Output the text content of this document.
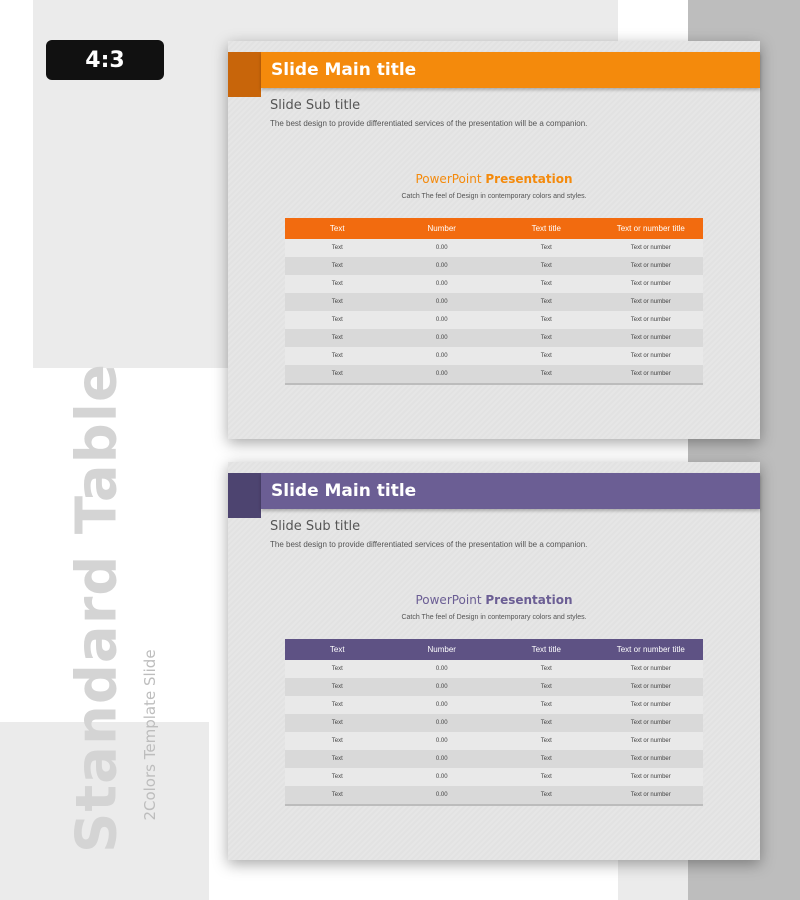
4:3
Standard Table 2Colors Template Slide
Slide Main title
Slide Sub title
The best design to provide differentiated services of the presentation will be a companion.
PowerPoint Presentation
Catch The feel of Design in contemporary colors and styles.
Text	Number	Text title	Text or number title
Text	0.00	Text	Text or number
Text	0.00	Text	Text or number
Text	0.00	Text	Text or number
Text	0.00	Text	Text or number
Text	0.00	Text	Text or number
Text	0.00	Text	Text or number
Text	0.00	Text	Text or number
Text	0.00	Text	Text or number
Slide Main title
Slide Sub title
The best design to provide differentiated services of the presentation will be a companion.
PowerPoint Presentation
Catch The feel of Design in contemporary colors and styles.
Text	Number	Text title	Text or number title
Text	0.00	Text	Text or number
Text	0.00	Text	Text or number
Text	0.00	Text	Text or number
Text	0.00	Text	Text or number
Text	0.00	Text	Text or number
Text	0.00	Text	Text or number
Text	0.00	Text	Text or number
Text	0.00	Text	Text or number
